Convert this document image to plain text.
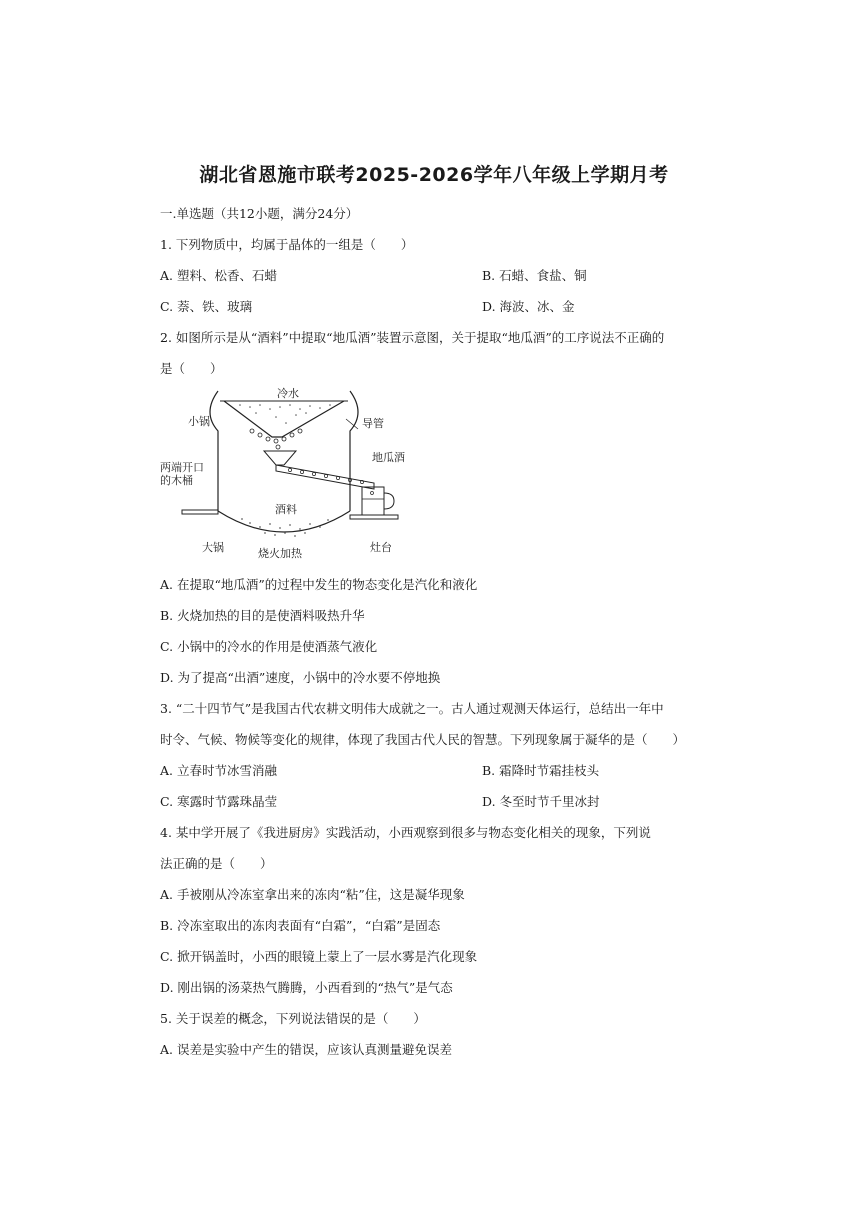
湖北省恩施市联考2025-2026学年八年级上学期月考
一.单选题（共12小题，满分24分）
1. 下列物质中，均属于晶体的一组是（　　）
A. 塑料、松香、石蜡	B. 石蜡、食盐、铜
C. 萘、铁、玻璃	D. 海波、冰、金
2. 如图所示是从“酒料”中提取“地瓜酒”装置示意图，关于提取“地瓜酒”的工序说法不正确的
是（　　）
冷水
小锅	导管
两端开口
的木桶
地瓜酒
酒料
大锅	烧火加热	灶台
A. 在提取“地瓜酒”的过程中发生的物态变化是汽化和液化
B. 火烧加热的目的是使酒料吸热升华
C. 小锅中的冷水的作用是使酒蒸气液化
D. 为了提高“出酒”速度，小锅中的冷水要不停地换
3. “二十四节气”是我国古代农耕文明伟大成就之一。古人通过观测天体运行，总结出一年中
时令、气候、物候等变化的规律，体现了我国古代人民的智慧。下列现象属于凝华的是（　　）
A. 立春时节冰雪消融	B. 霜降时节霜挂枝头
C. 寒露时节露珠晶莹	D. 冬至时节千里冰封
4. 某中学开展了《我进厨房》实践活动，小西观察到很多与物态变化相关的现象，下列说
法正确的是（　　）
A. 手被刚从冷冻室拿出来的冻肉“粘”住，这是凝华现象
B. 冷冻室取出的冻肉表面有“白霜”，“白霜”是固态
C. 掀开锅盖时，小西的眼镜上蒙上了一层水雾是汽化现象
D. 刚出锅的汤菜热气腾腾，小西看到的“热气”是气态
5. 关于误差的概念，下列说法错误的是（　　）
A. 误差是实验中产生的错误，应该认真测量避免误差
